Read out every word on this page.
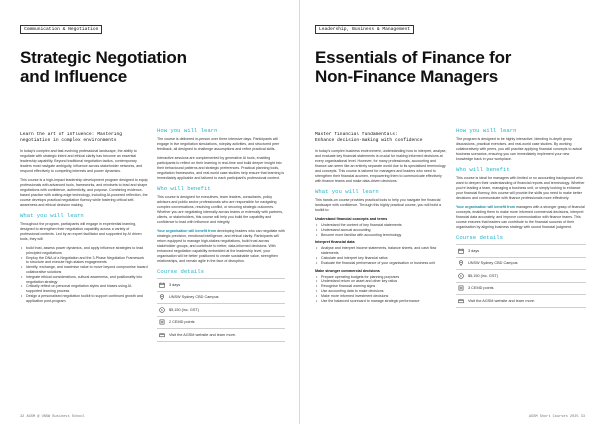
Communication & Negotiation
Strategic Negotiation
and Influence
Learn the art of influence: Mastering
negotiation in complex environments

In today's complex and fast-evolving professional landscape, the ability to negotiate with strategic intent and ethical clarity has become an essential leadership capability. Beyond traditional negotiation tactics, contemporary leaders must navigate ambiguity, influence across stakeholder networks, and respond effectively to competing interests and power dynamics.

This course is a high-impact leadership development program designed to equip professionals with advanced tools, frameworks, and mindsets to lead and shape negotiations with confidence, authenticity, and purpose. Combining evidence-based practice with cutting-edge technology, including AI-powered reflection, the course develops practical negotiation fluency while fostering critical self-awareness and ethical decision making.

What you will learn

Throughout the program, participants will engage in experiential learning, designed to strengthen their negotiation capability across a variety of professional contexts. Led by an expert facilitator and supported by AI driven tools, they will:

• build trust, assess power dynamics, and apply influence strategies to lead principled negotiations
• Employ the DNA of a Negotiation and the 3-Phase Negotiation Framework to structure and execute high-stakes engagements
• Identify, exchange, and maximise value to move beyond compromise toward collaborative solutions
• Integrate ethical considerations, cultural awareness, and positionality into negotiation strategy
• Critically reflect on personal negotiation styles and biases using AI-supported learning process
• Design a personalised negotiation toolkit to support continued growth and application post-program.
How you will learn

The course is delivered in-person over three intensive days. Participants will engage in live negotiation simulations, roleplay activities, and structured peer feedback, all designed to challenge assumptions and refine practical skills.

Interactive sessions are complemented by generative AI tools, enabling participants to reflect on their learning in real-time and build deeper insight into their behavioural patterns and strategic preferences. Practical planning tools, negotiation frameworks, and real-world case studies help ensure that learning is immediately applicable and tailored to each participant's professional context.

Who will benefit

This course is designed for executives, team leaders, consultants, policy advisors and public sector professionals who are responsible for navigating complex conversations, resolving conflict, or securing strategic outcomes. Whether you are negotiating internally across teams or externally with partners, clients, or stakeholders, this course will help you build the capability and confidence to lead with influence and integrity.

Your organisation will benefit from developing leaders who can negotiate with strategic precision, emotional intelligence, and ethical clarity. Participants will return equipped to manage high-stakes negotiations, build trust across stakeholder groups, and contribute to better, data-informed decisions. With enhanced negotiation capability embedded at the leadership level, your organisation will be better positioned to create sustainable value, strengthen relationships, and remain agile in the face of disruption.

Course details
3 days
UNSW Sydney CBD Campus
$ $5,150 (inc. GST)
2 CEMD points
Visit the AGSM website and learn more.
32 AGSM @ UNSW Business School
Leadership, Business & Management
Essentials of Finance for
Non-Finance Managers
Master financial fundamentals:
Enhance decision-making with confidence

In today's complex business environment, understanding how to interpret, analyse, and evaluate key financial statements is crucial for making informed decisions at every organisational level. However, for many professionals, accounting and finance can seem like an entirely separate world due to its specialised terminology and concepts. This course is tailored for managers and leaders who need to strengthen their financial acumen, empowering them to communicate effectively with finance teams and make data-driven decisions.

What you will learn

This hands-on course provides practical tools to help you navigate the financial landscape with confidence. Through this highly practical course, you will build a toolkit to:

Understand financial concepts and terms
• Understand the content of key financial statements
• Understand accrual accounting
• Become more familiar with accounting terminology
Interpret financial data
• Analyse and interpret income statements, balance sheets, and cash flow statements
• Calculate and interpret key financial ratios
• Evaluate the financial performance of your organisation or business unit
Make stronger commercial decisions
• Prepare operating budgets for planning purposes
• Understand return on asset and other key ratios
• Recognise financial warning signs
• Use accounting data to make decisions
• Make more informed investment decisions
• Use the balanced scorecard to manage strategic performance
How you will learn

The program is designed to be highly interactive, blending in-depth group discussions, practical exercises, and real-world case studies. By working collaboratively with peers, you will practise applying financial concepts to actual business scenarios, ensuring you can immediately implement your new knowledge back in your workplace.

Who will benefit

This course is ideal for managers with limited or no accounting background who want to deepen their understanding of financial reports and terminology. Whether you're leading a team, managing a business unit, or simply looking to enhance your financial fluency, this course will provide the skills you need to make better decisions and communicate with finance professionals more effectively.

Your organisation will benefit from managers with a stronger grasp of financial concepts, enabling them to make more informed commercial decisions, interpret financial data accurately, and improve communication with finance teams. This course ensures that leaders can contribute to the financial success of their organisation by aligning business strategy with sound financial judgment.

Course details
3 days
UNSW Sydney CBD Campus
$ $5,150 (inc. GST)
3 CEMD points
Visit the AGSM website and learn more.
AGSM Short Courses 2025 33
